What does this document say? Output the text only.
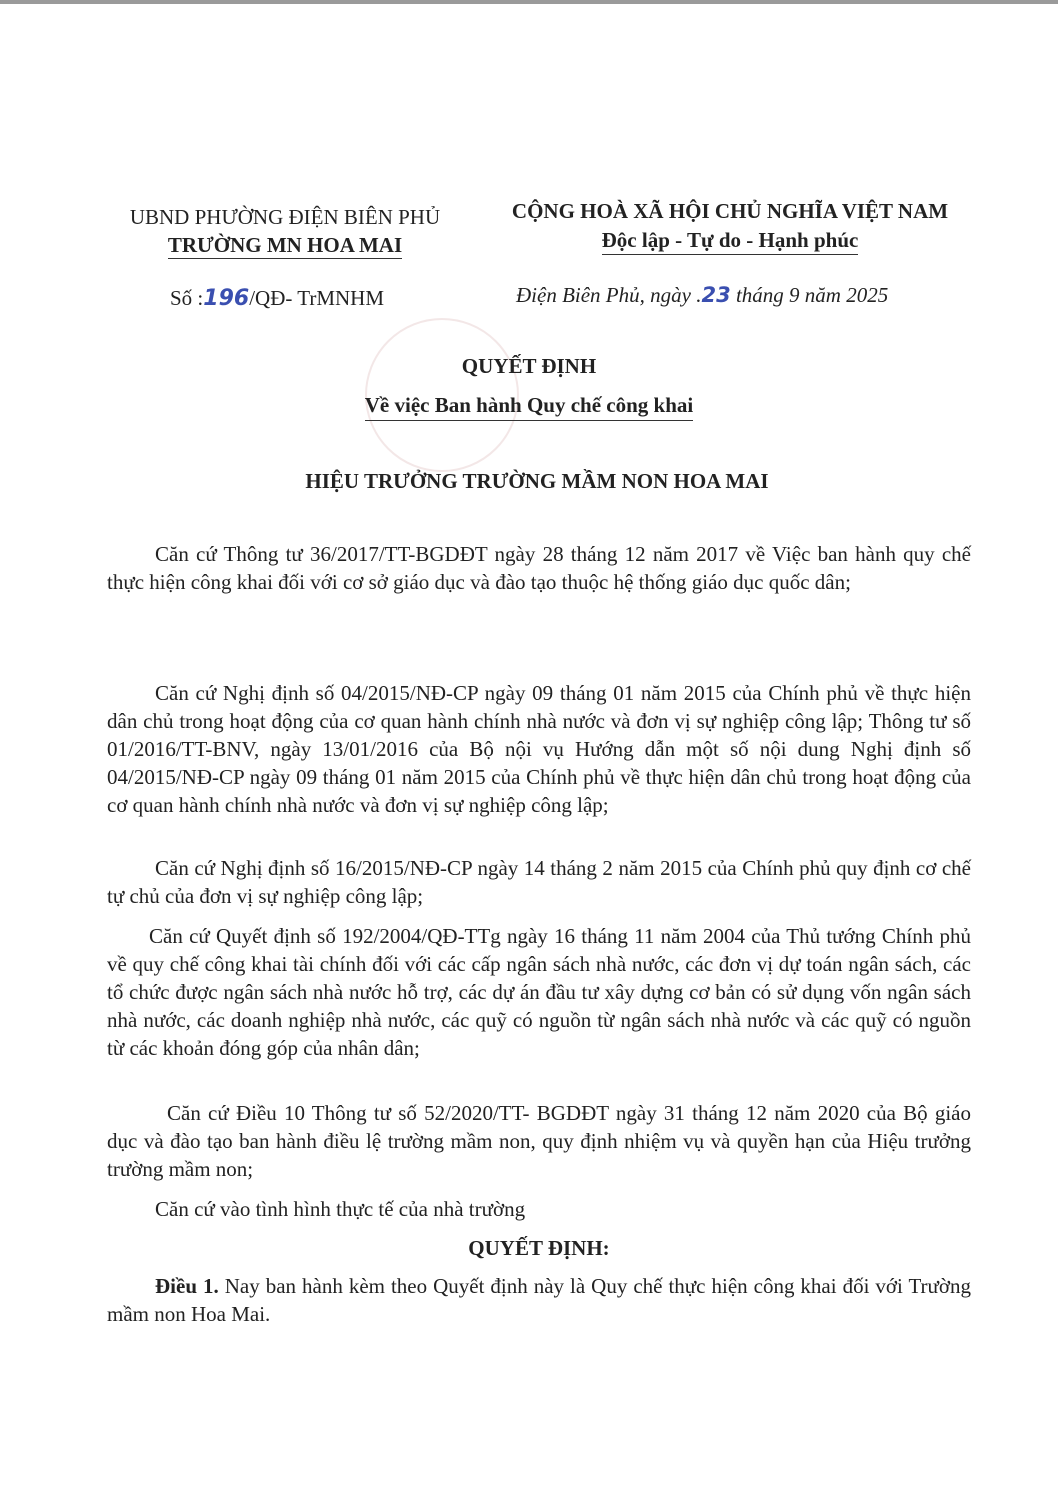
UBND PHƯỜNG ĐIỆN BIÊN PHỦ
TRƯỜNG MN HOA MAI
Số :196/QĐ- TrMNHM
CỘNG HOÀ XÃ HỘI CHỦ NGHĨA VIỆT NAM
Độc lập - Tự do - Hạnh phúc
Điện Biên Phủ, ngày .23 tháng 9 năm 2025
QUYẾT ĐỊNH
Về việc Ban hành Quy chế công khai
HIỆU TRƯỞNG TRƯỜNG MẦM NON HOA MAI
Căn cứ Thông tư 36/2017/TT-BGDĐT ngày 28 tháng 12 năm 2017 về Việc ban hành quy chế thực hiện công khai đối với cơ sở giáo dục và đào tạo thuộc hệ thống giáo dục quốc dân;
Căn cứ Nghị định số 04/2015/NĐ-CP ngày 09 tháng 01 năm 2015 của Chính phủ về thực hiện dân chủ trong hoạt động của cơ quan hành chính nhà nước và đơn vị sự nghiệp công lập; Thông tư số 01/2016/TT-BNV, ngày 13/01/2016 của Bộ nội vụ Hướng dẫn một số nội dung Nghị định số 04/2015/NĐ-CP ngày 09 tháng 01 năm 2015 của Chính phủ về thực hiện dân chủ trong hoạt động của cơ quan hành chính nhà nước và đơn vị sự nghiệp công lập;
Căn cứ Nghị định số 16/2015/NĐ-CP ngày 14 tháng 2 năm 2015 của Chính phủ quy định cơ chế tự chủ của đơn vị sự nghiệp công lập;
Căn cứ Quyết định số 192/2004/QĐ-TTg ngày 16 tháng 11 năm 2004 của Thủ tướng Chính phủ về quy chế công khai tài chính đối với các cấp ngân sách nhà nước, các đơn vị dự toán ngân sách, các tổ chức được ngân sách nhà nước hỗ trợ, các dự án đầu tư xây dựng cơ bản có sử dụng vốn ngân sách nhà nước, các doanh nghiệp nhà nước, các quỹ có nguồn từ ngân sách nhà nước và các quỹ có nguồn từ các khoản đóng góp của nhân dân;
Căn cứ Điều 10 Thông tư số 52/2020/TT- BGDĐT ngày 31 tháng 12 năm 2020 của Bộ giáo dục và đào tạo ban hành điều lệ trường mầm non, quy định nhiệm vụ và quyền hạn của Hiệu trưởng trường mầm non;
Căn cứ vào tình hình thực tế của nhà trường
QUYẾT ĐỊNH:
Điều 1. Nay ban hành kèm theo Quyết định này là Quy chế thực hiện công khai đối với Trường mầm non Hoa Mai.
